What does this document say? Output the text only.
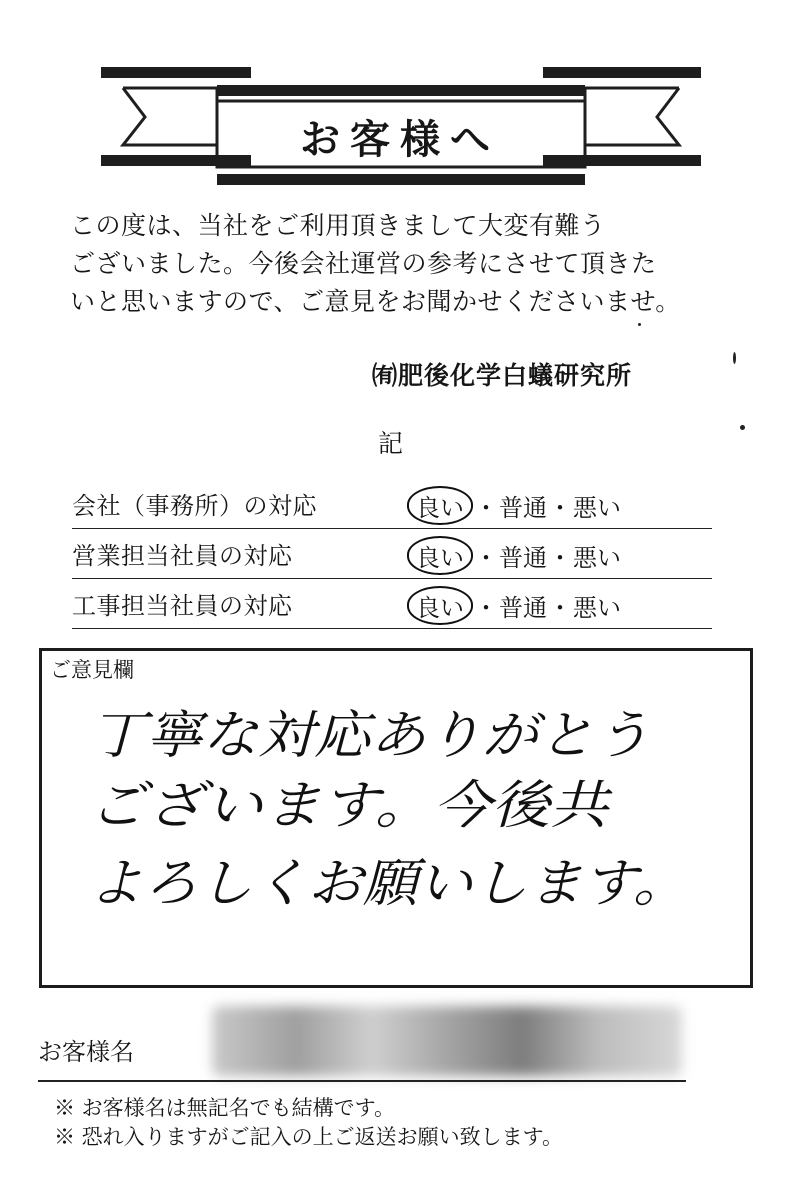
お客様へ
この度は、当社をご利用頂きまして大変有難う
ございました。今後会社運営の参考にさせて頂きた
いと思いますので、ご意見をお聞かせくださいませ。
㈲肥後化学白蟻研究所
記
会社（事務所）の対応	良い ・普通・悪い
営業担当社員の対応	良い ・普通・悪い
工事担当社員の対応	良い ・普通・悪い
ご意見欄
丁寧な対応ありがとう
ございます。今後共
よろしくお願いします。
お客様名
※ お客様名は無記名でも結構です。
※ 恐れ入りますがご記入の上ご返送お願い致します。
